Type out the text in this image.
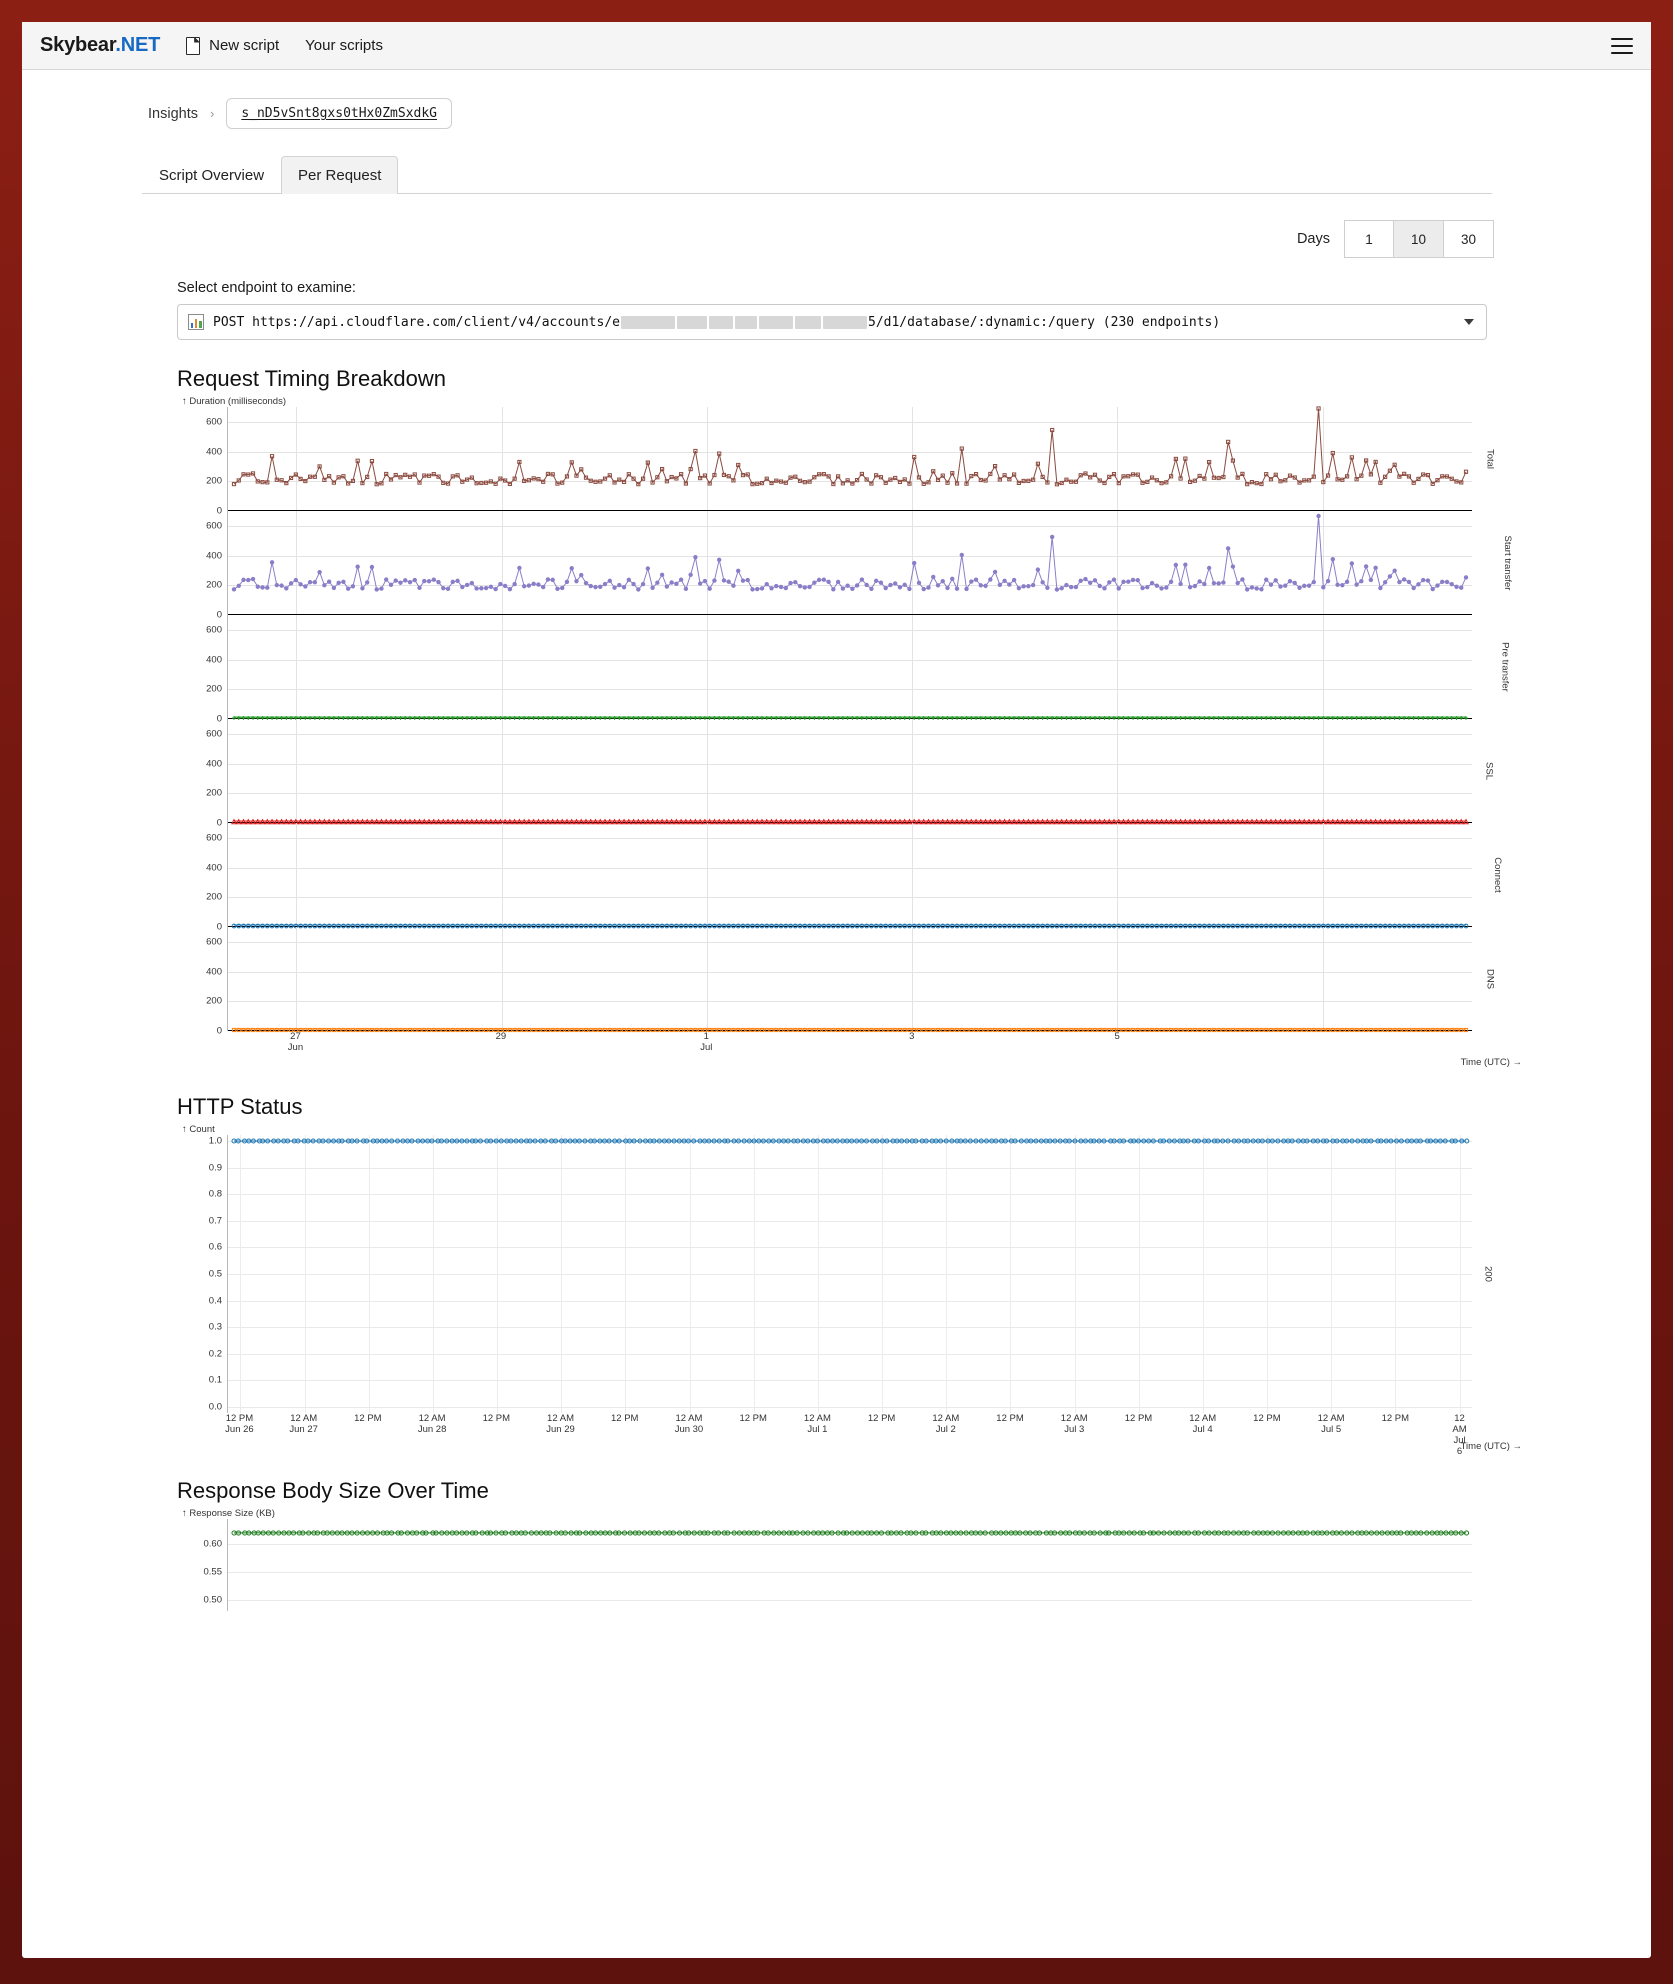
Skybear.NET	New script Your scripts
Insights ›	s_nD5vSnt8gxs0tHx0ZmSxdkG
Script Overview	Per Request
Days	1	10	30
Select endpoint to examine:
POST https://api.cloudflare.com/client/v4/accounts/e	5/d1/database/:dynamic:/query (230 endpoints)
Request Timing Breakdown
↑ Duration (milliseconds)
0
200
400
600
Total
0
200
400
600
Start transfer
0
200
400
600
Pre transfer
0
200
400
600
SSL
0
200
400
600
Connect
0
200
400
600
DNS
27
Jun
29	1
Jul
3	5
Time (UTC) →
HTTP Status
↑ Count
200
0.0
0.1
0.2
0.3
0.4
0.5
0.6
0.7
0.8
0.9
1.0
12 PM
Jun 26
12 AM
Jun 27
12 PM	12 AM
Jun 28
12 PM	12 AM
Jun 29
12 PM	12 AM
Jun 30
12 PM	12 AM
Jul 1
12 PM	12 AM
Jul 2
12 PM	12 AM
Jul 3
12 PM	12 AM
Jul 4
12 PM	12 AM
Jul 5
12 PM	12 AM
Jul 6
Time (UTC) →
Response Body Size Over Time
↑ Response Size (KB)
0.50
0.55
0.60
